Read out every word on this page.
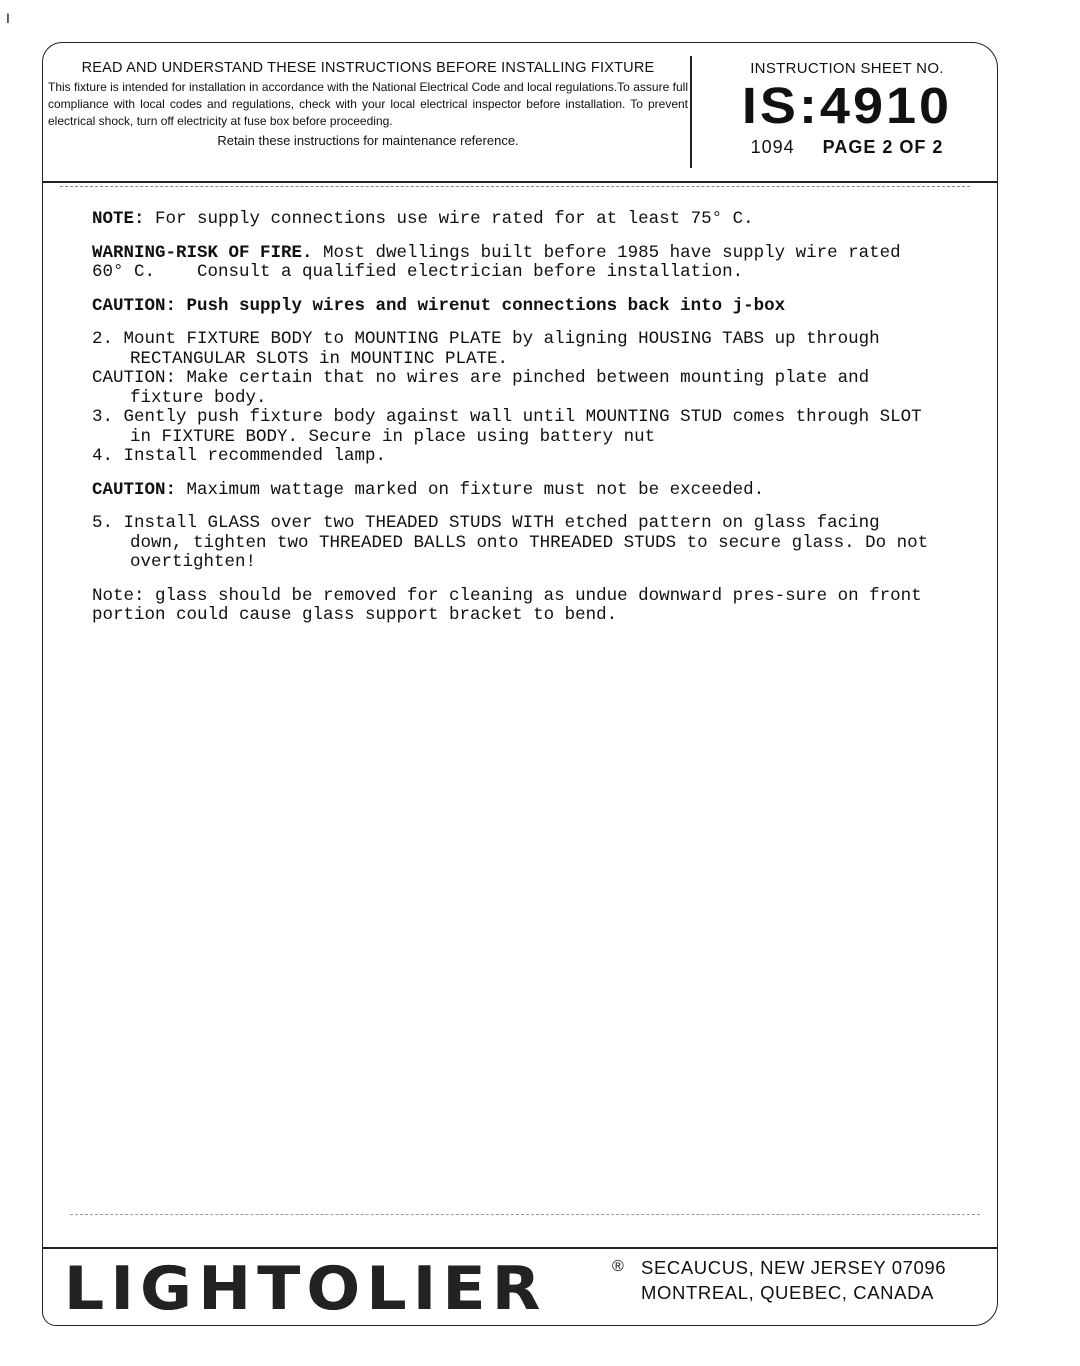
I
READ AND UNDERSTAND THESE INSTRUCTIONS BEFORE INSTALLING FIXTURE
This fixture is intended for installation in accordance with the National Electrical Code and local regulations.To assure full compliance with local codes and regulations, check with your local electrical inspector before installation. To prevent electrical shock, turn off electricity at fuse box before proceeding.
Retain these instructions for maintenance reference.
INSTRUCTION SHEET NO.
IS:4910
1094 PAGE 2 OF 2

NOTE: For supply connections use wire rated for at least 75° C.

WARNING-RISK OF FIRE. Most dwellings built before 1985 have supply wire rated 60° C.    Consult a qualified electrician before installation.

CAUTION: Push supply wires and wirenut connections back into j-box

2. Mount FIXTURE BODY to MOUNTING PLATE by aligning HOUSING TABS up through RECTANGULAR SLOTS in MOUNTINC PLATE.

CAUTION: Make certain that no wires are pinched between mounting plate and fixture body.

3. Gently push fixture body against wall until MOUNTING STUD comes through SLOT in FIXTURE BODY. Secure in place using battery nut

4. Install recommended lamp.

CAUTION: Maximum wattage marked on fixture must not be exceeded.

5. Install GLASS over two THEADED STUDS WITH etched pattern on glass facing down, tighten two THREADED BALLS onto THREADED STUDS to secure glass. Do not overtighten!

Note: glass should be removed for cleaning as undue downward pres-sure on front portion could cause glass support bracket to bend.

LIGHTOLIER	® SECAUCUS, NEW JERSEY 07096
MONTREAL, QUEBEC, CANADA
